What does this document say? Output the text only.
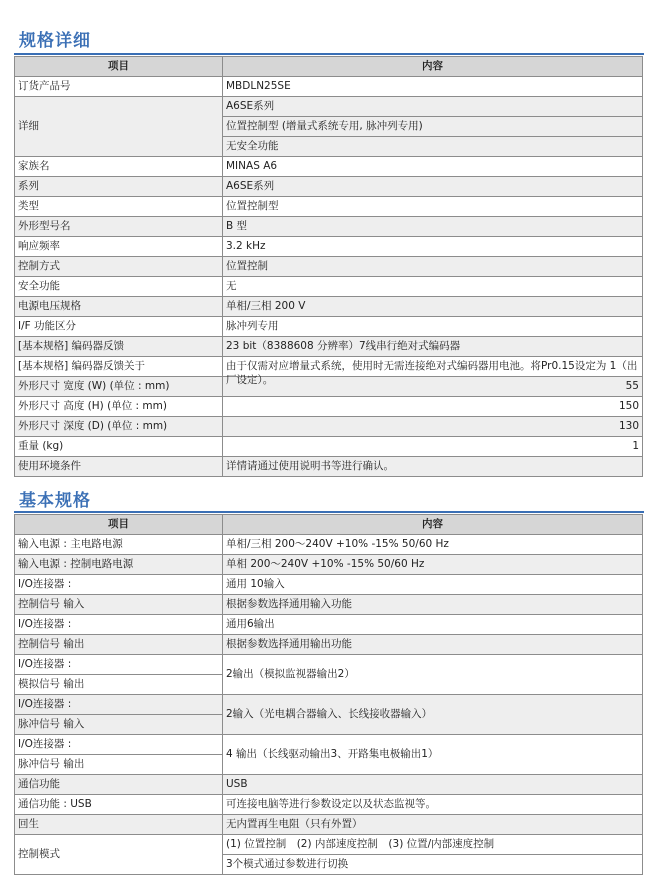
规格详细
项目	内容
订货产品号	MBDLN25SE
详细	A6SE系列
	位置控制型 (增量式系统专用, 脉冲列专用)
	无安全功能
家族名	MINAS A6
系列	A6SE系列
类型	位置控制型
外形型号名	B 型
响应频率	3.2 kHz
控制方式	位置控制
安全功能	无
电源电压规格	单相/三相 200 V
I/F 功能区分	脉冲列专用
[基本规格] 编码器反馈	23 bit（8388608 分辨率）7线串行绝对式编码器
[基本规格] 编码器反馈关于	由于仅需对应增量式系统，使用时无需连接绝对式编码器用电池。将Pr0.15设定为 1（出厂设定）。

外形尺寸 宽度 (W) (单位 : mm)	55
外形尺寸 高度 (H) (单位 : mm)	150
外形尺寸 深度 (D) (单位 : mm)	130
重量 (kg)	1
使用环境条件	详情请通过使用说明书等进行确认。
基本规格
项目	内容
输入电源 : 主电路电源	单相/三相 200～240V +10% -15% 50/60 Hz
输入电源 : 控制电路电源	单相 200～240V +10% -15% 50/60 Hz
I/O连接器 :	通用 10输入
控制信号 输入	根据参数选择通用输入功能
I/O连接器 :	通用6输出
控制信号 输出	根据参数选择通用输出功能
I/O连接器 :	2输出（模拟监视器输出2）
模拟信号 输出	
I/O连接器 :	2输入（光电耦合器输入、长线接收器输入）
脉冲信号 输入	
I/O连接器 :	4 输出（长线驱动输出3、开路集电极输出1）
脉冲信号 输出	
通信功能	USB
通信功能 : USB	可连接电脑等进行参数设定以及状态监视等。
回生	无内置再生电阻（只有外置）
控制模式	(1) 位置控制　(2) 内部速度控制　(3) 位置/内部速度控制
	3个模式通过参数进行切换
